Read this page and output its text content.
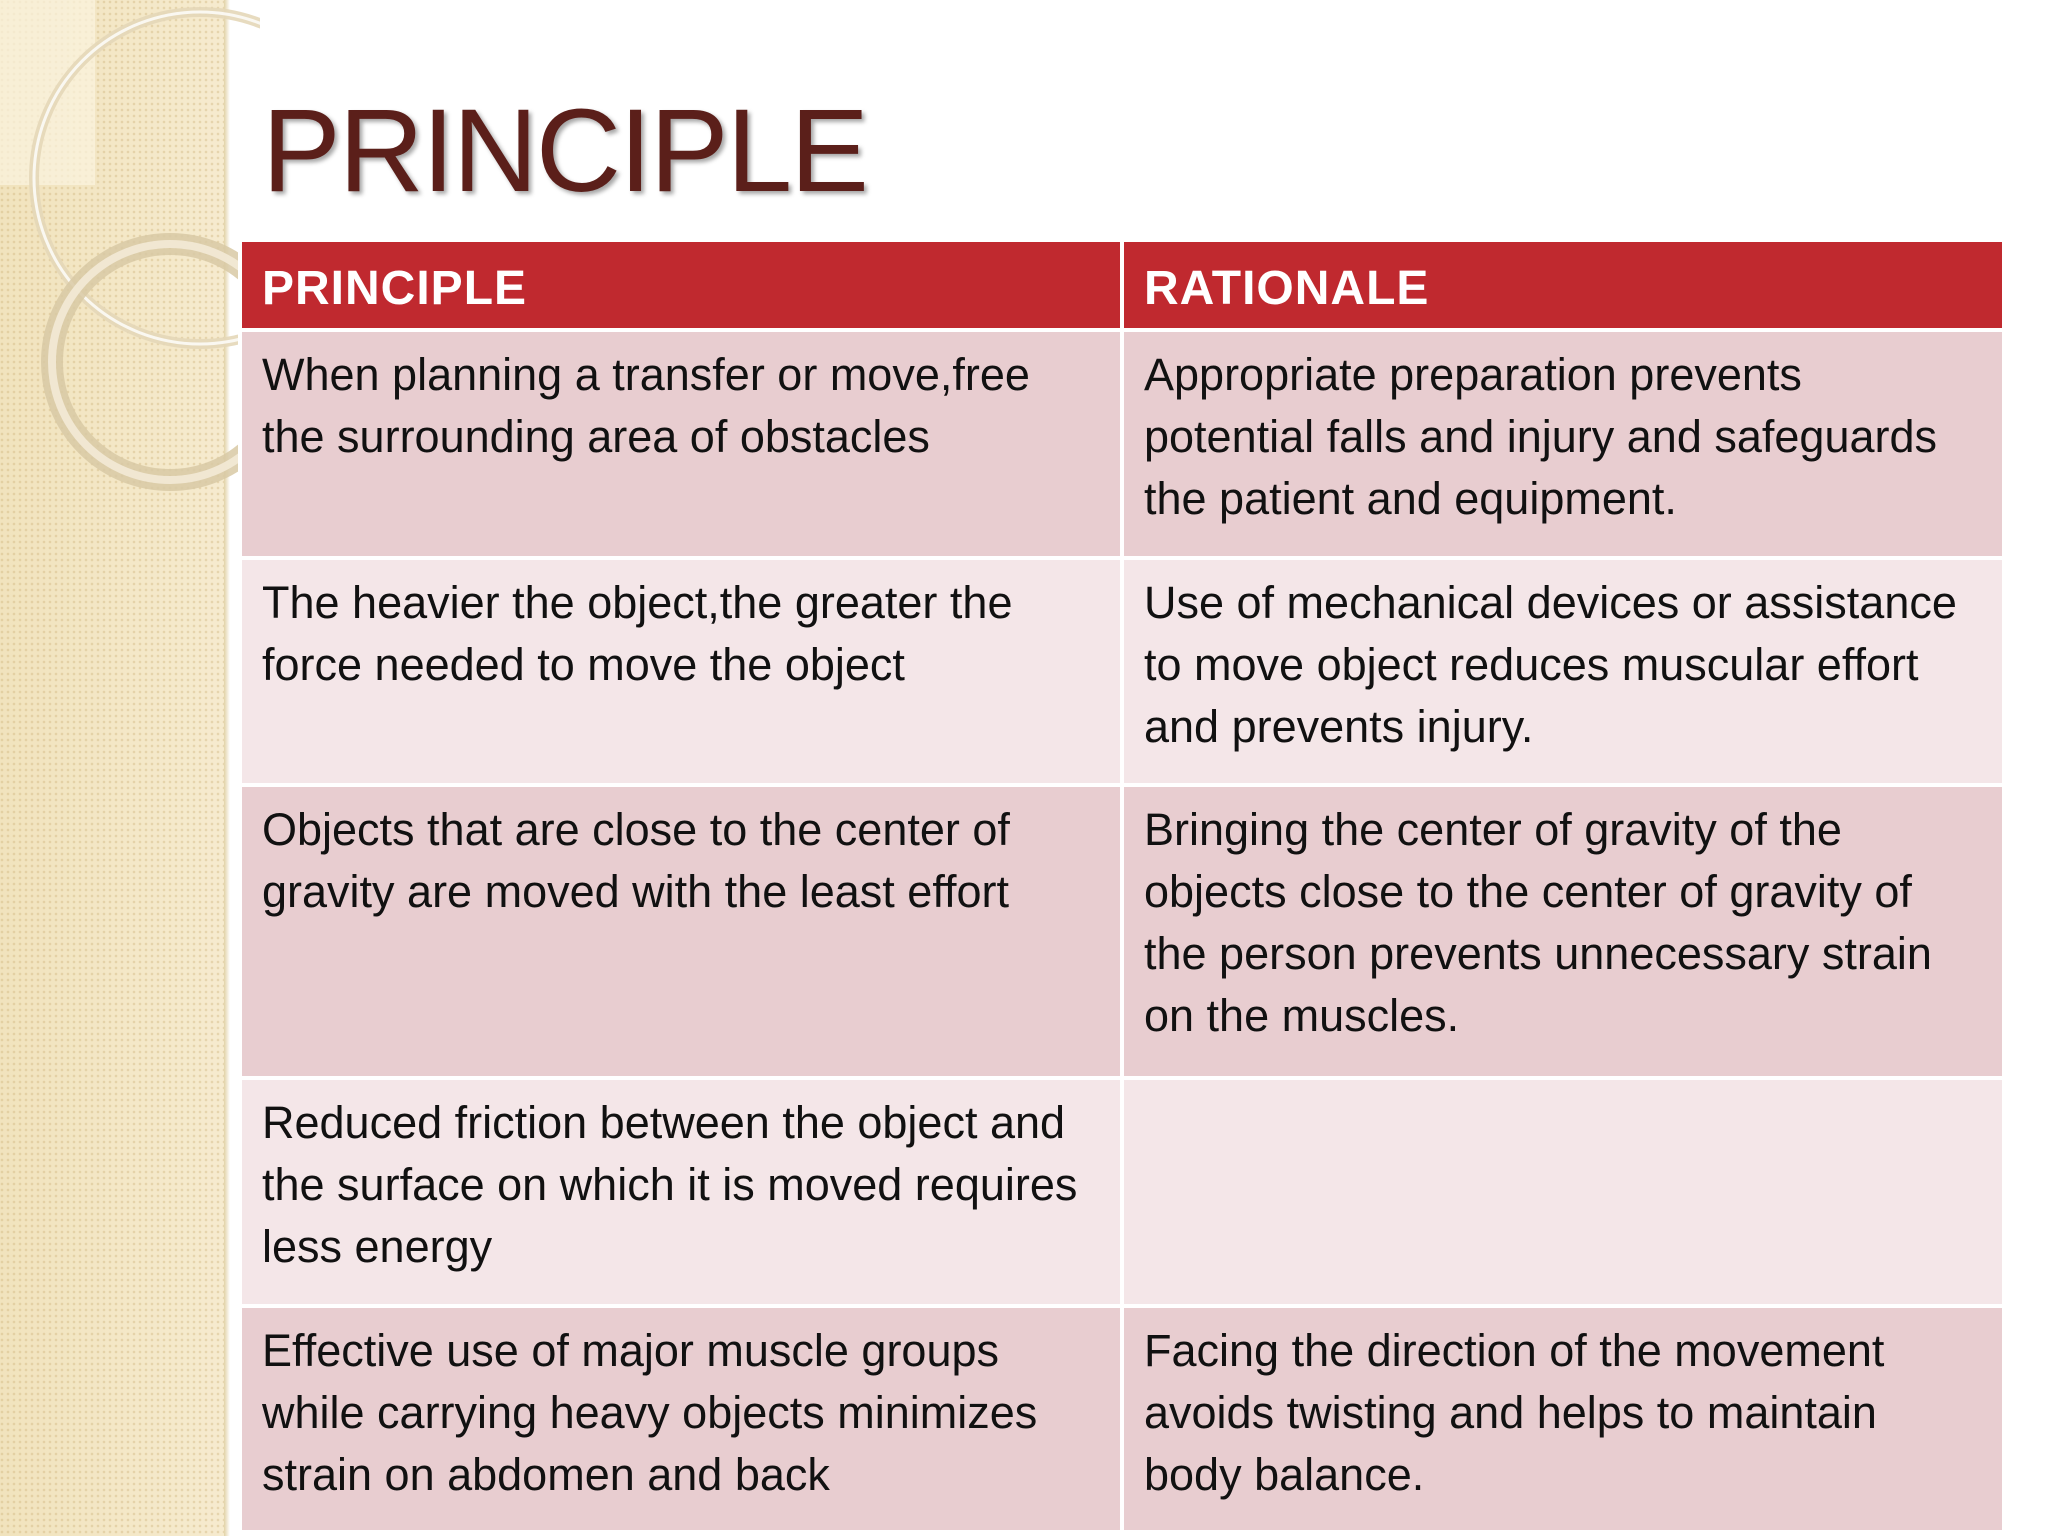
PRINCIPLE
PRINCIPLE	RATIONALE
When planning a transfer or move,free the surrounding area of obstacles	Appropriate preparation prevents potential falls and injury and safeguards the patient and equipment.
The heavier the object,the greater the force needed to move the object	Use of mechanical devices or assistance to move object reduces muscular effort and prevents injury.
Objects that are close to the center of gravity are moved with the least effort	Bringing the center of gravity of the objects close to the center of gravity of the person prevents unnecessary strain on the muscles.
Reduced friction between the object and the surface on which it is moved requires less energy	
Effective use of major muscle groups while carrying heavy objects minimizes strain on abdomen and back	Facing the direction of the movement avoids twisting and helps to maintain body balance.
